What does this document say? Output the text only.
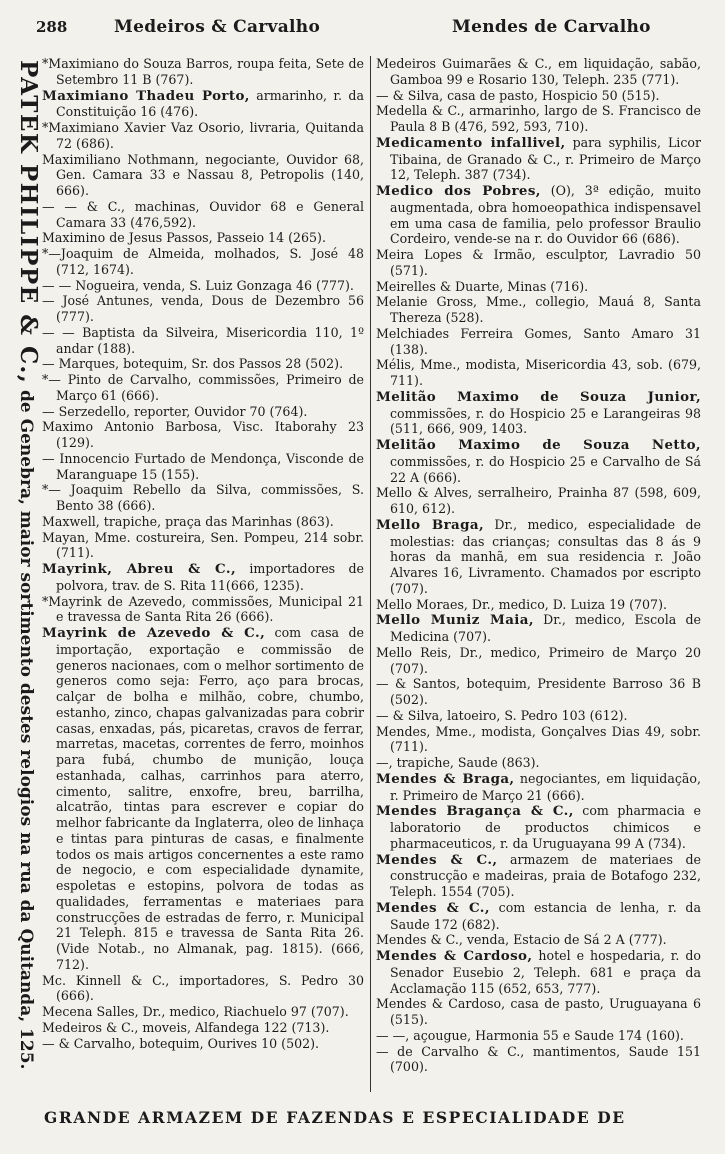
288	Medeiros & Carvalho	Mendes de Carvalho
PATEK PHILIPPE & C., de Genebra, maior sortimento destes relogios na rua da Quitanda, 125.

*Maximiano do Souza Barros, roupa feita, Sete de Setembro 11 B (767).

Maximiano Thadeu Porto, armarinho, r. da Constituição 16 (476).

*Maximiano Xavier Vaz Osorio, livraria, Quitanda 72 (686).

Maximiliano Nothmann, negociante, Ouvidor 68, Gen. Camara 33 e Nassau 8, Petropolis (140, 666).

— — & C., machinas, Ouvidor 68 e General Camara 33 (476,592).

Maximino de Jesus Passos, Passeio 14 (265).

*—Joaquim de Almeida, molhados, S. José 48 (712, 1674).

— — Nogueira, venda, S. Luiz Gonzaga 46 (777).

— José Antunes, venda, Dous de Dezembro 56 (777).

— — Baptista da Silveira, Misericordia 110, 1º andar (188).

— Marques, botequim, Sr. dos Passos 28 (502).

*— Pinto de Carvalho, commissões, Primeiro de Março 61 (666).

— Serzedello, reporter, Ouvidor 70 (764).

Maximo Antonio Barbosa, Visc. Itaborahy 23 (129).

— Innocencio Furtado de Mendonça, Visconde de Maranguape 15 (155).

*— Joaquim Rebello da Silva, commissões, S. Bento 38 (666).

Maxwell, trapiche, praça das Marinhas (863).

Mayan, Mme. costureira, Sen. Pompeu, 214 sobr. (711).

Mayrink, Abreu & C., importadores de polvora, trav. de S. Rita 11(666, 1235).

*Mayrink de Azevedo, commissões, Municipal 21 e travessa de Santa Rita 26 (666).

Mayrink de Azevedo & C., com casa de importação, exportação e commissão de generos nacionaes, com o melhor sortimento de generos como seja: Ferro, aço para brocas, calçar de bolha e milhão, cobre, chumbo, estanho, zinco, chapas galvanizadas para cobrir casas, enxadas, pás, picaretas, cravos de ferrar, marretas, macetas, correntes de ferro, moinhos para fubá, chumbo de munição, louça estanhada, calhas, carrinhos para aterro, cimento, salitre, enxofre, breu, barrilha, alcatrão, tintas para escrever e copiar do melhor fabricante da Inglaterra, oleo de linhaça e tintas para pinturas de casas, e finalmente todos os mais artigos concernentes a este ramo de negocio, e com especialidade dynamite, espoletas e estopins, polvora de todas as qualidades, ferramentas e materiaes para construcções de estradas de ferro, r. Municipal 21 Teleph. 815 e travessa de Santa Rita 26. (Vide Notab., no Almanak, pag. 1815). (666, 712).

Mc. Kinnell & C., importadores, S. Pedro 30 (666).

Mecena Salles, Dr., medico, Riachuelo 97 (707).

Medeiros & C., moveis, Alfandega 122 (713).

— & Carvalho, botequim, Ourives 10 (502).

Medeiros Guimarães & C., em liquidação, sabão, Gamboa 99 e Rosario 130, Teleph. 235 (771).

— & Silva, casa de pasto, Hospicio 50 (515).

Medella & C., armarinho, largo de S. Francisco de Paula 8 B (476, 592, 593, 710).

Medicamento infallivel, para syphilis, Licor Tibaina, de Granado & C., r. Primeiro de Março 12, Teleph. 387 (734).

Medico dos Pobres, (O), 3ª edição, muito augmentada, obra homoeopathica indispensavel em uma casa de familia, pelo professor Braulio Cordeiro, vende-se na r. do Ouvidor 66 (686).

Meira Lopes & Irmão, esculptor, Lavradio 50 (571).

Meirelles & Duarte, Minas (716).

Melanie Gross, Mme., collegio, Mauá 8, Santa Thereza (528).

Melchiades Ferreira Gomes, Santo Amaro 31 (138).

Mélis, Mme., modista, Misericordia 43, sob. (679, 711).

Melitão Maximo de Souza Junior, commissões, r. do Hospicio 25 e Larangeiras 98 (511, 666, 909, 1403.

Melitão Maximo de Souza Netto, commissões, r. do Hospicio 25 e Carvalho de Sá 22 A (666).

Mello & Alves, serralheiro, Prainha 87 (598, 609, 610, 612).

Mello Braga, Dr., medico, especialidade de molestias: das crianças; consultas das 8 ás 9 horas da manhã, em sua residencia r. João Alvares 16, Livramento. Chamados por escripto (707).

Mello Moraes, Dr., medico, D. Luiza 19 (707).

Mello Muniz Maia, Dr., medico, Escola de Medicina (707).

Mello Reis, Dr., medico, Primeiro de Março 20 (707).

— & Santos, botequim, Presidente Barroso 36 B (502).

— & Silva, latoeiro, S. Pedro 103 (612).

Mendes, Mme., modista, Gonçalves Dias 49, sobr. (711).

—, trapiche, Saude (863).

Mendes & Braga, negociantes, em liquidação, r. Primeiro de Março 21 (666).

Mendes Bragança & C., com pharmacia e laboratorio de productos chimicos e pharmaceuticos, r. da Uruguayana 99 A (734).

Mendes & C., armazem de materiaes de construcção e madeiras, praia de Botafogo 232, Teleph. 1554 (705).

Mendes & C., com estancia de lenha, r. da Saude 172 (682).

Mendes & C., venda, Estacio de Sá 2 A (777).

Mendes & Cardoso, hotel e hospedaria, r. do Senador Eusebio 2, Teleph. 681 e praça da Acclamação 115 (652, 653, 777).

Mendes & Cardoso, casa de pasto, Uruguayana 6 (515).

— —, açougue, Harmonia 55 e Saude 174 (160).

— de Carvalho & C., mantimentos, Saude 151 (700).

GRANDE ARMAZEM DE FAZENDAS E ESPECIALIDADE DE
